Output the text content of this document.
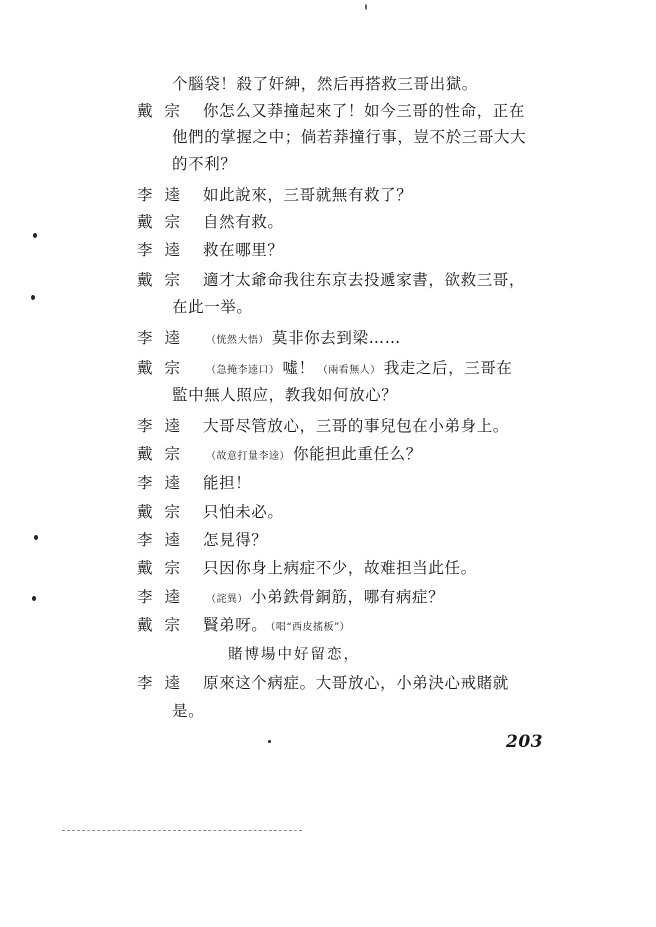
个腦袋！殺了奸紳，然后再搭救三哥出獄。
戴宗 你怎么又莽撞起來了！如今三哥的性命，正在
他們的掌握之中；倘若莽撞行事，豈不於三哥大大
的不利？
李逵 如此說來，三哥就無有救了？
戴宗 自然有救。
李逵 救在哪里？
戴宗 適才太爺命我往东京去投遞家書，欲救三哥，
在此一举。
李逵	（恍然大悟） 莫非你去到梁……
戴宗	（急掩李逵口） 噓！ （兩看無人） 我走之后，三哥在
監中無人照应，教我如何放心？
李逵 大哥尽管放心，三哥的事兒包在小弟身上。
戴宗	（故意打量李逵） 你能担此重任么？
李逵 能担！
戴宗 只怕未必。
李逵 怎見得？
戴宗 只因你身上病症不少，故难担当此任。
李逵	（詫異） 小弟鉄骨銅筋，哪有病症？
戴宗 賢弟呀。 （唱“西皮搖板”）
賭博場中好留恋，
李逵 原來这个病症。大哥放心，小弟決心戒賭就
是。
203
